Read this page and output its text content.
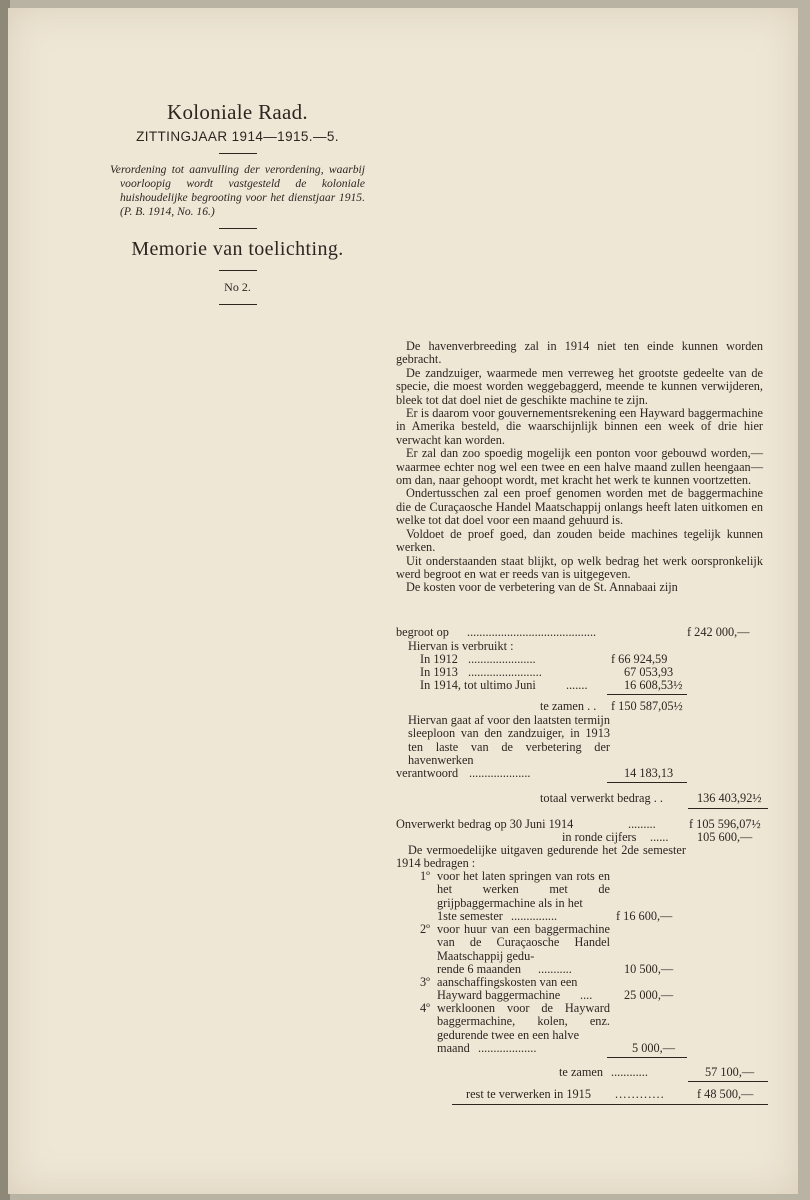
Koloniale Raad.
ZITTINGJAAR 1914—1915.—5.
Verordening tot aanvulling der verordening, waarbij voorloopig wordt vastgesteld de koloniale huishoudelijke begrooting voor het dienstjaar 1915. (P. B. 1914, No. 16.)
Memorie van toelichting.
No 2.

De havenverbreeding zal in 1914 niet ten einde kunnen worden gebracht.

De zandzuiger, waarmede men verreweg het grootste gedeelte van de specie, die moest worden weggebaggerd, meende te kunnen verwijderen, bleek tot dat doel niet de geschikte machine te zijn.

Er is daarom voor gouvernementsrekening een Hayward baggermachine in Amerika besteld, die waarschijnlijk binnen een week of drie hier verwacht kan worden.

Er zal dan zoo spoedig mogelijk een ponton voor gebouwd worden,— waarmee echter nog wel een twee en een halve maand zullen heengaan—om dan, naar gehoopt wordt, met kracht het werk te kunnen voortzetten.

Ondertusschen zal een proef genomen worden met de baggermachine die de Curaçaosche Handel Maatschappij onlangs heeft laten uitkomen en welke tot dat doel voor een maand gehuurd is.

Voldoet de proef goed, dan zouden beide machines tegelijk kunnen werken.

Uit onderstaanden staat blijkt, op welk bedrag het werk oorspronkelijk werd begroot en wat er reeds van is uitgegeven.

De kosten voor de verbetering van de St. Annabaai zijn

begroot op ..........................................	f 242 000,—
Hiervan is verbruikt :
In 1912 ......................	f 66 924,59
In 1913 ........................	67 053,93
In 1914, tot ultimo Juni .......	16 608,53½
te zamen . . f 150 587,05½
Hiervan gaat af voor den laatsten termijn sleeploon van den zandzuiger, in 1913 ten laste van de verbetering der havenwerken
verantwoord ....................	14 183,13
totaal verwerkt bedrag . .	136 403,92½
Onverwerkt bedrag op 30 Juni 1914	.........	f 105 596,07½
in ronde cijfers ...... 105 600,—
De vermoedelijke uitgaven gedurende het 2de semester 1914 bedragen :
1º voor het laten springen van rots en het werken met de grijpbaggermachine als in het
1ste semester ...............	f 16 600,—
2º voor huur van een baggermachine van de Curaçaosche Handel Maatschappij gedu-
rende 6 maanden ...........	10 500,—
3º aanschaffingskosten van een
Hayward baggermachine ....	25 000,—
4º werkloonen voor de Hayward baggermachine, kolen, enz. gedurende twee en een halve
maand ...................	5 000,—
te zamen ............	57 100,—
rest te verwerken in 1915 . . . . . . . . . . . .	f 48 500,—
